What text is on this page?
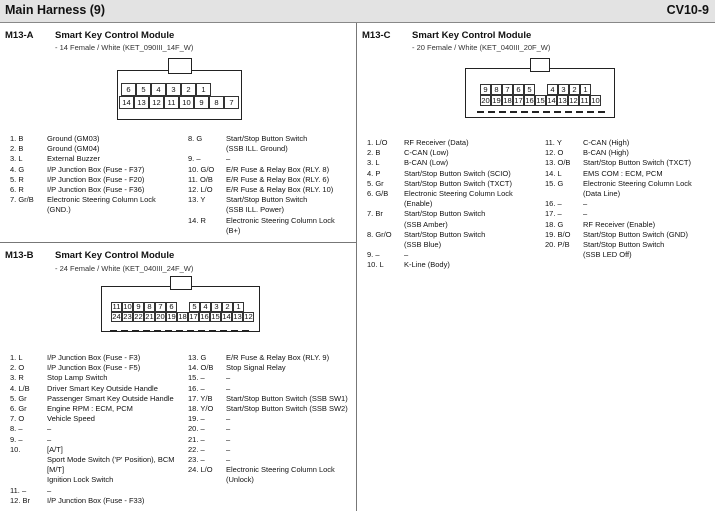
Main Harness (9)	CV10-9
M13-A Smart Key Control Module
- 14 Female / White (KET_090III_14F_W)
1. B	Ground (GM03)
2. B	Ground (GM04)
3. L	External Buzzer
4. G	I/P Junction Box (Fuse - F37)
5. R	I/P Junction Box (Fuse - F20)
6. R	I/P Junction Box (Fuse - F36)
7. Gr/B	Electronic Steering Column Lock
(GND.)
8. G	Start/Stop Button Switch
(SSB ILL. Ground)
9. –	–
10. G/O	E/R Fuse & Relay Box (RLY. 8)
11. O/B	E/R Fuse & Relay Box (RLY. 6)
12. L/O	E/R Fuse & Relay Box (RLY. 10)
13. Y	Start/Stop Button Switch
(SSB ILL. Power)
14. R	Electronic Steering Column Lock
(B+)
M13-B Smart Key Control Module
- 24 Female / White (KET_040III_24F_W)
1. L	I/P Junction Box (Fuse - F3)
2. O	I/P Junction Box (Fuse - F5)
3. R	Stop Lamp Switch
4. L/B	Driver Smart Key Outside Handle
5. Gr	Passenger Smart Key Outside Handle
6. Gr	Engine RPM : ECM, PCM
7. O	Vehicle Speed
8. –	–
9. –	–
10.	[A/T]
Sport Mode Switch ('P' Position), BCM
[M/T]
Ignition Lock Switch
11. –	–
12. Br	I/P Junction Box (Fuse - F33)
13. G	E/R Fuse & Relay Box (RLY. 9)
14. O/B	Stop Signal Relay
15. –	–
16. –	–
17. Y/B	Start/Stop Button Switch (SSB SW1)
18. Y/O	Start/Stop Button Switch (SSB SW2)
19. –	–
20. –	–
21. –	–
22. –	–
23. –	–
24. L/O	Electronic Steering Column Lock
(Unlock)
M13-C Smart Key Control Module
- 20 Female / White (KET_040III_20F_W)
1. L/O	RF Receiver (Data)
2. B	C-CAN (Low)
3. L	B-CAN (Low)
4. P	Start/Stop Button Switch (SCIO)
5. Gr	Start/Stop Button Switch (TXCT)
6. G/B	Electronic Steering Column Lock
(Enable)
7. Br	Start/Stop Button Switch
(SSB Amber)
8. Gr/O	Start/Stop Button Switch
(SSB Blue)
9. –	–
10. L	K-Line (Body)
11. Y	C-CAN (High)
12. O	B-CAN (High)
13. O/B	Start/Stop Button Switch (TXCT)
14. L	EMS COM : ECM, PCM
15. G	Electronic Steering Column Lock
(Data Line)
16. –	–
17. –	–
18. G	RF Receiver (Enable)
19. B/O	Start/Stop Button Switch (GND)
20. P/B	Start/Stop Button Switch
(SSB LED Off)
6	5	4	3	2	1
14 13 12 11 10	9	8	7
11 10 9 8 7 6	5 4 3 2 1
24 23 22 21 20 19 18 17 16 15 14 13 12
9 8 7 6 5	4 3 2 1
20 19 18 17 16 15 14 13 12 11 10
